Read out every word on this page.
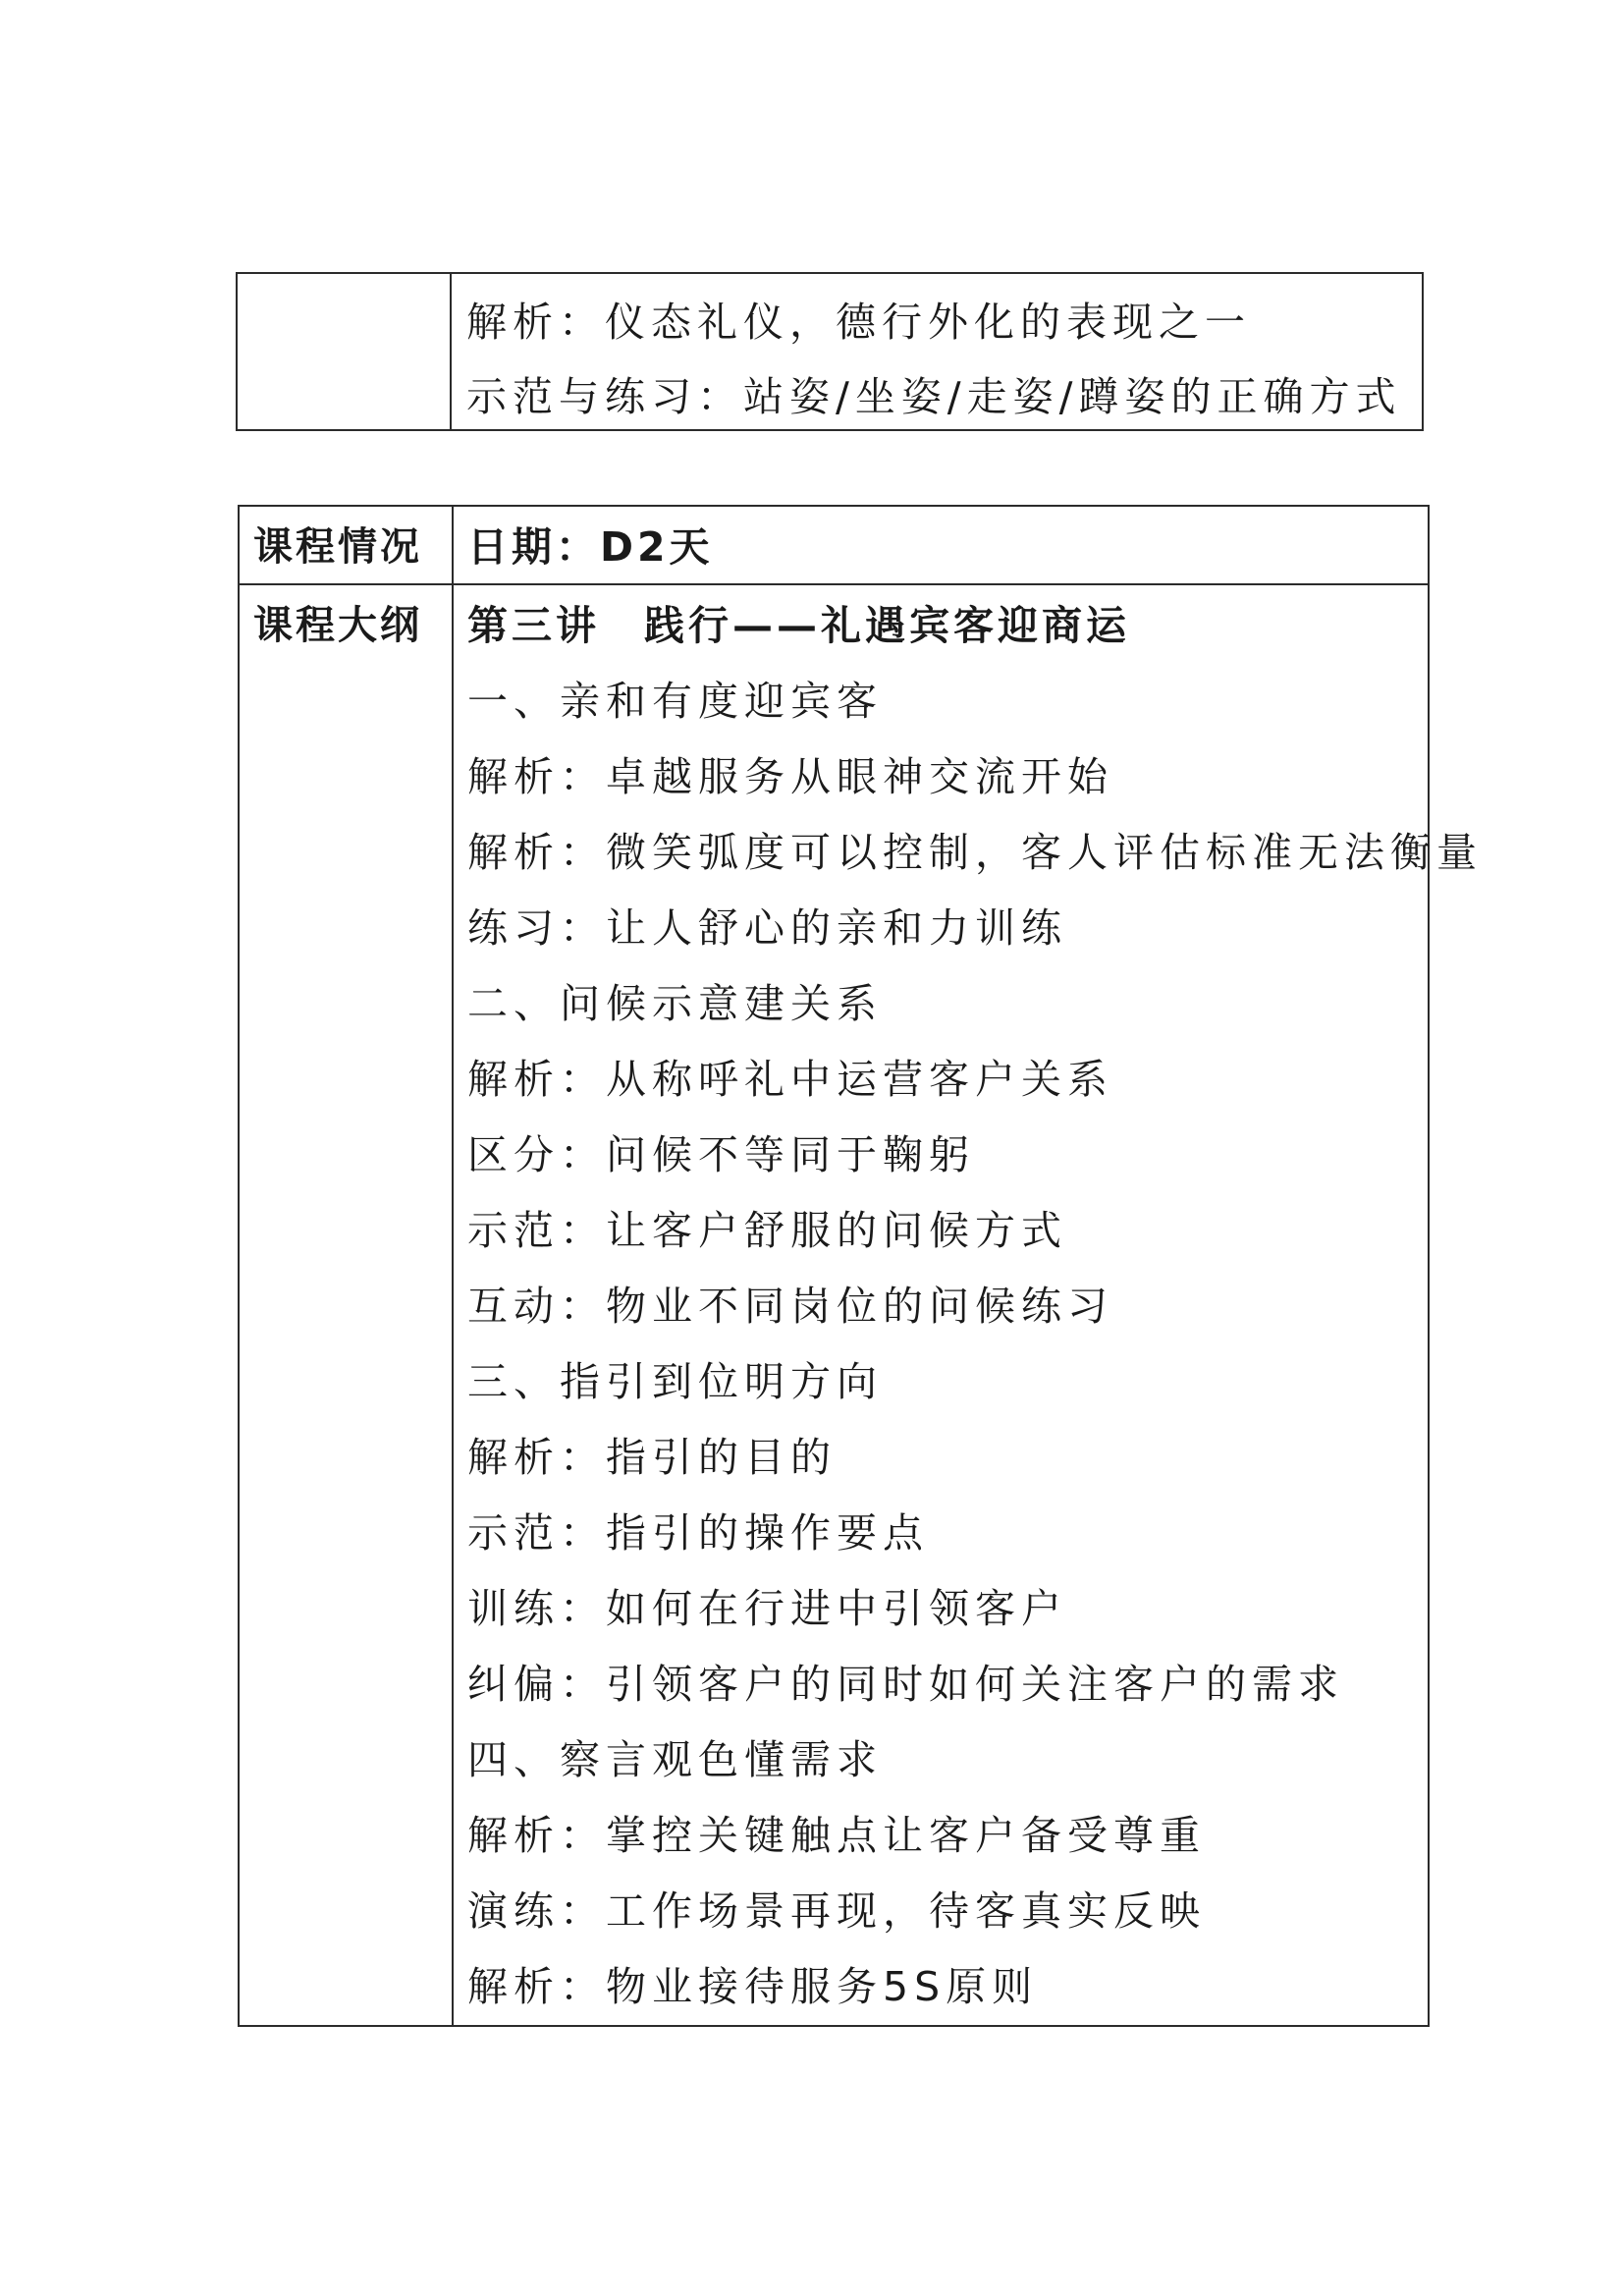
解析：仪态礼仪，德行外化的表现之一
示范与练习：站姿/坐姿/走姿/蹲姿的正确方式
课程情况 日期：D2天
课程大纲 第三讲　践行——礼遇宾客迎商运
一、亲和有度迎宾客
解析：卓越服务从眼神交流开始
解析：微笑弧度可以控制，客人评估标准无法衡量
练习：让人舒心的亲和力训练
二、问候示意建关系
解析：从称呼礼中运营客户关系
区分：问候不等同于鞠躬
示范：让客户舒服的问候方式
互动：物业不同岗位的问候练习
三、指引到位明方向
解析：指引的目的
示范：指引的操作要点
训练：如何在行进中引领客户
纠偏：引领客户的同时如何关注客户的需求
四、察言观色懂需求
解析：掌控关键触点让客户备受尊重
演练：工作场景再现，待客真实反映
解析：物业接待服务5S原则
